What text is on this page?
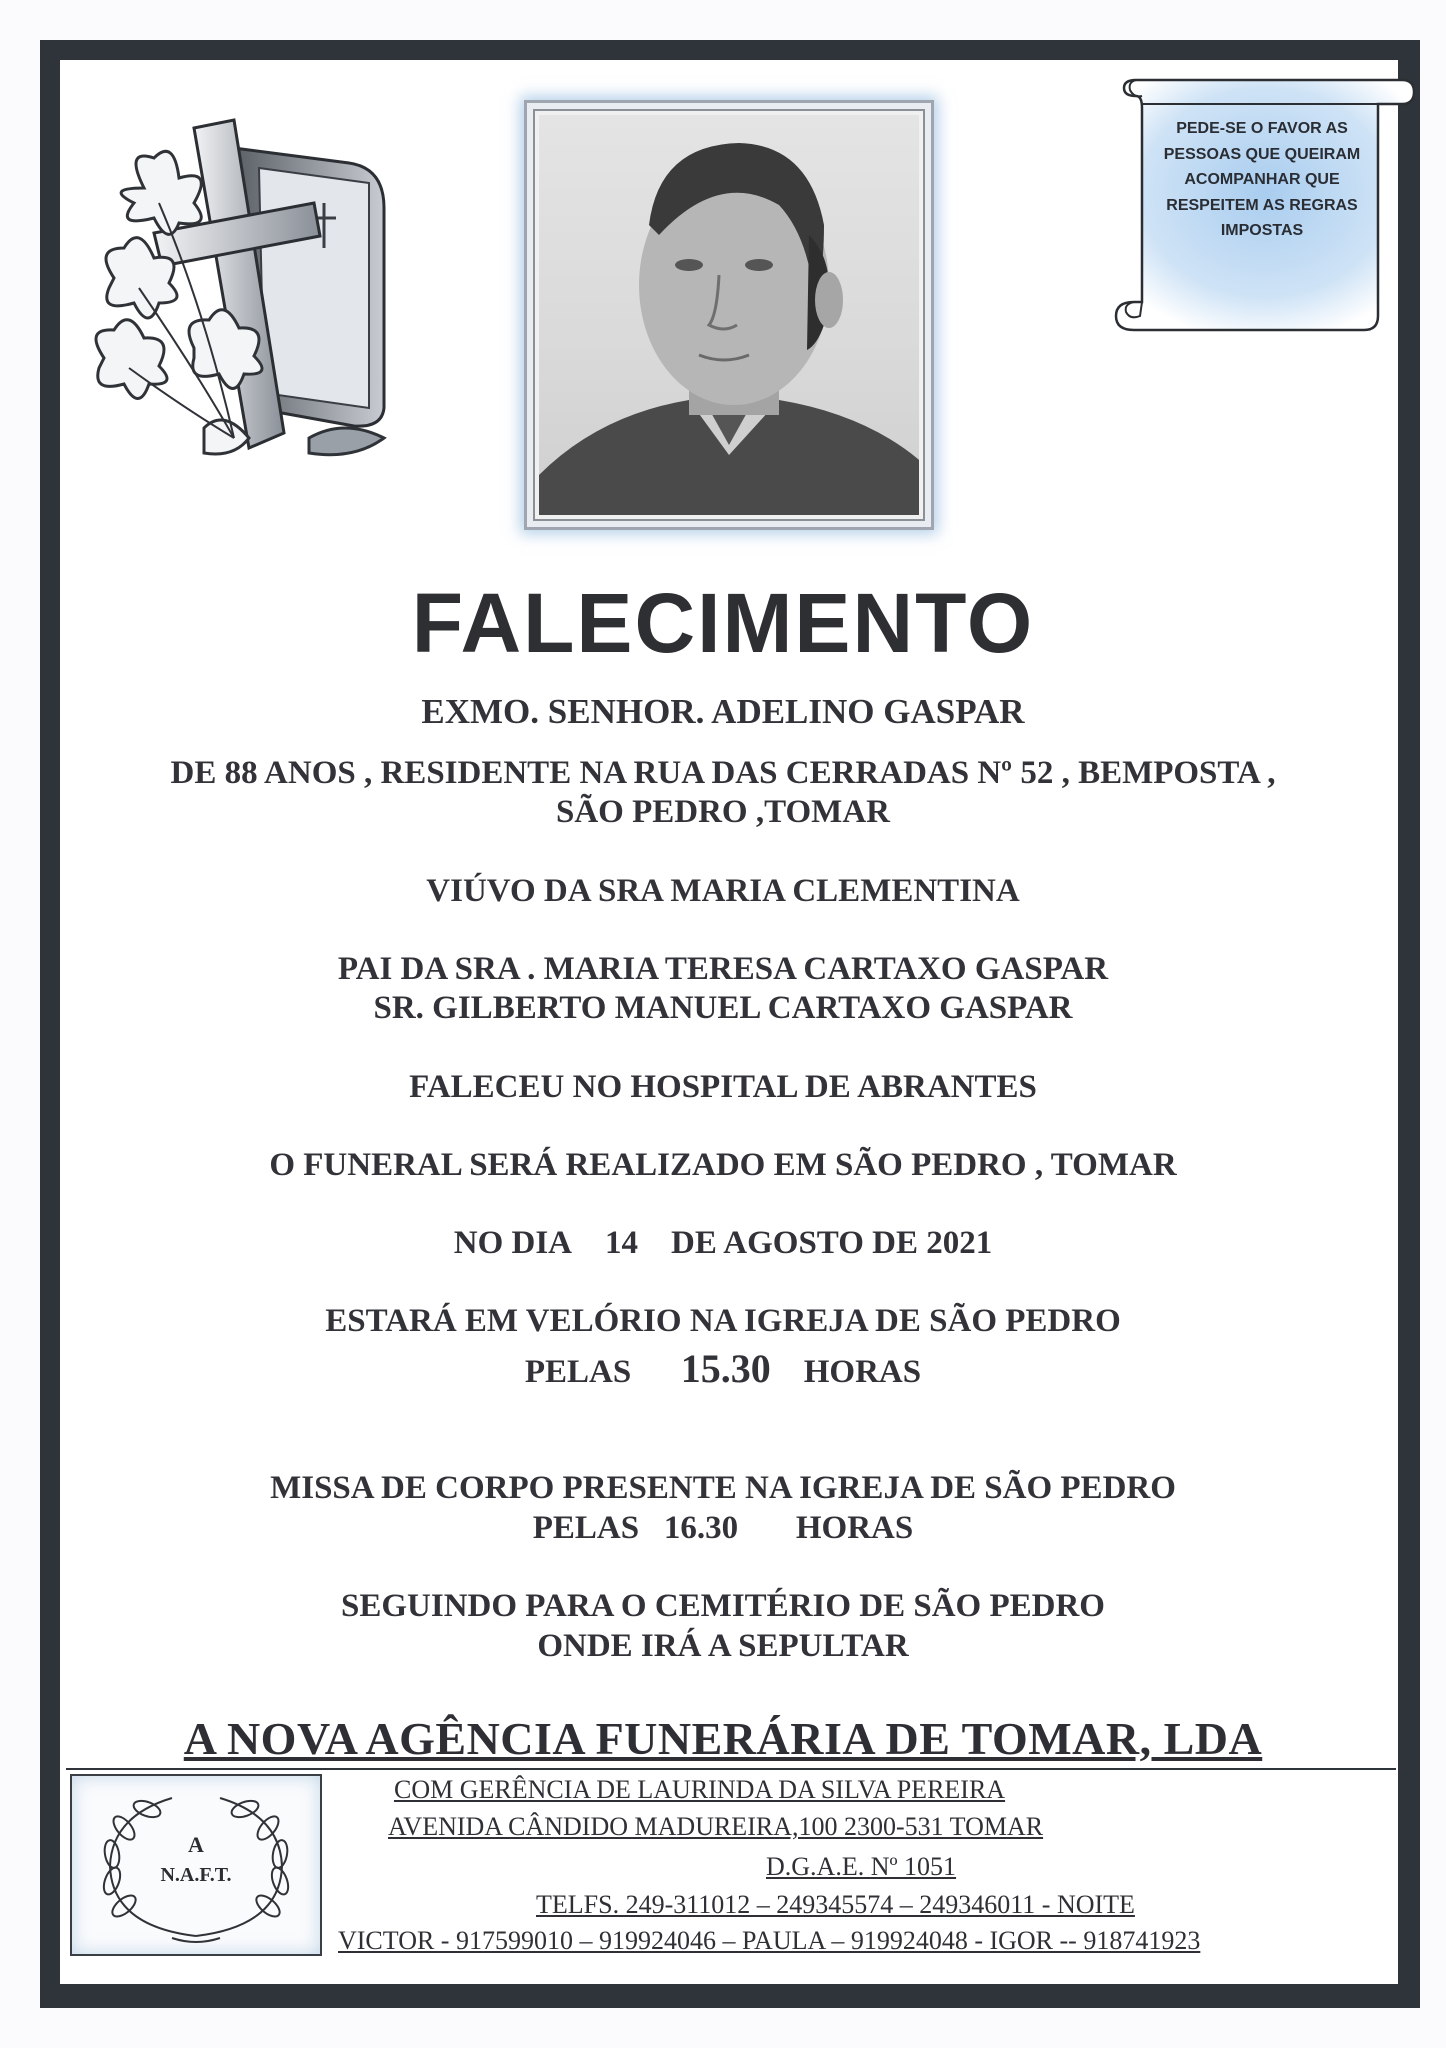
PEDE-SE O FAVOR AS PESSOAS QUE QUEIRAM ACOMPANHAR QUE RESPEITEM AS REGRAS IMPOSTAS
FALECIMENTO
EXMO. SENHOR. ADELINO GASPAR
DE 88 ANOS , RESIDENTE NA RUA DAS CERRADAS Nº 52 , BEMPOSTA ,
SÃO PEDRO ,TOMAR
VIÚVO DA SRA MARIA CLEMENTINA
PAI DA SRA . MARIA TERESA CARTAXO GASPAR
SR. GILBERTO MANUEL CARTAXO GASPAR
FALECEU NO HOSPITAL DE ABRANTES
O FUNERAL SERÁ REALIZADO EM SÃO PEDRO , TOMAR
NO DIA 14 DE AGOSTO DE 2021
ESTARÁ EM VELÓRIO NA IGREJA DE SÃO PEDRO
PELAS 15.30 HORAS
MISSA DE CORPO PRESENTE NA IGREJA DE SÃO PEDRO
PELAS 16.30 HORAS
SEGUINDO PARA O CEMITÉRIO DE SÃO PEDRO
ONDE IRÁ A SEPULTAR
A NOVA AGÊNCIA FUNERÁRIA DE TOMAR, LDA
A
N.A.F.T.
COM GERÊNCIA DE LAURINDA DA SILVA PEREIRA
AVENIDA CÂNDIDO MADUREIRA,100 2300-531 TOMAR
D.G.A.E. Nº 1051
TELFS. 249-311012 – 249345574 – 249346011 - NOITE
VICTOR - 917599010 – 919924046 – PAULA – 919924048 - IGOR -- 918741923
